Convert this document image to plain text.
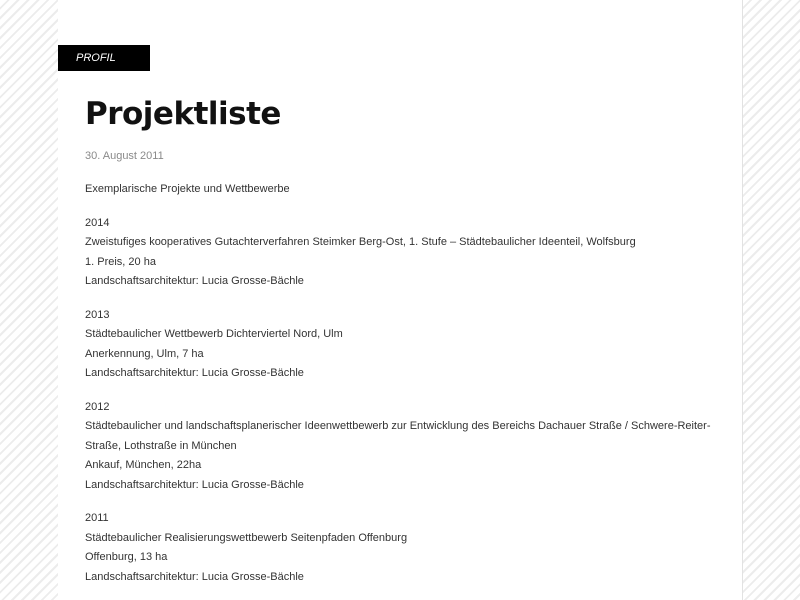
PROFIL
Projektliste
30. August 2011

Exemplarische Projekte und Wettbewerbe

2014
Zweistufiges kooperatives Gutachterverfahren Steimker Berg-Ost, 1. Stufe – Städtebaulicher Ideenteil, Wolfsburg
1. Preis, 20 ha
Landschaftsarchitektur: Lucia Grosse-Bächle
2013
Städtebaulicher Wettbewerb Dichterviertel Nord, Ulm
Anerkennung, Ulm, 7 ha
Landschaftsarchitektur: Lucia Grosse-Bächle
2012
Städtebaulicher und landschaftsplanerischer Ideenwettbewerb zur Entwicklung des Bereichs Dachauer Straße / Schwere-Reiter-Straße, Lothstraße in München
Ankauf, München, 22ha
Landschaftsarchitektur: Lucia Grosse-Bächle
2011
Städtebaulicher Realisierungswettbewerb Seitenpfaden Offenburg
Offenburg, 13 ha
Landschaftsarchitektur: Lucia Grosse-Bächle
